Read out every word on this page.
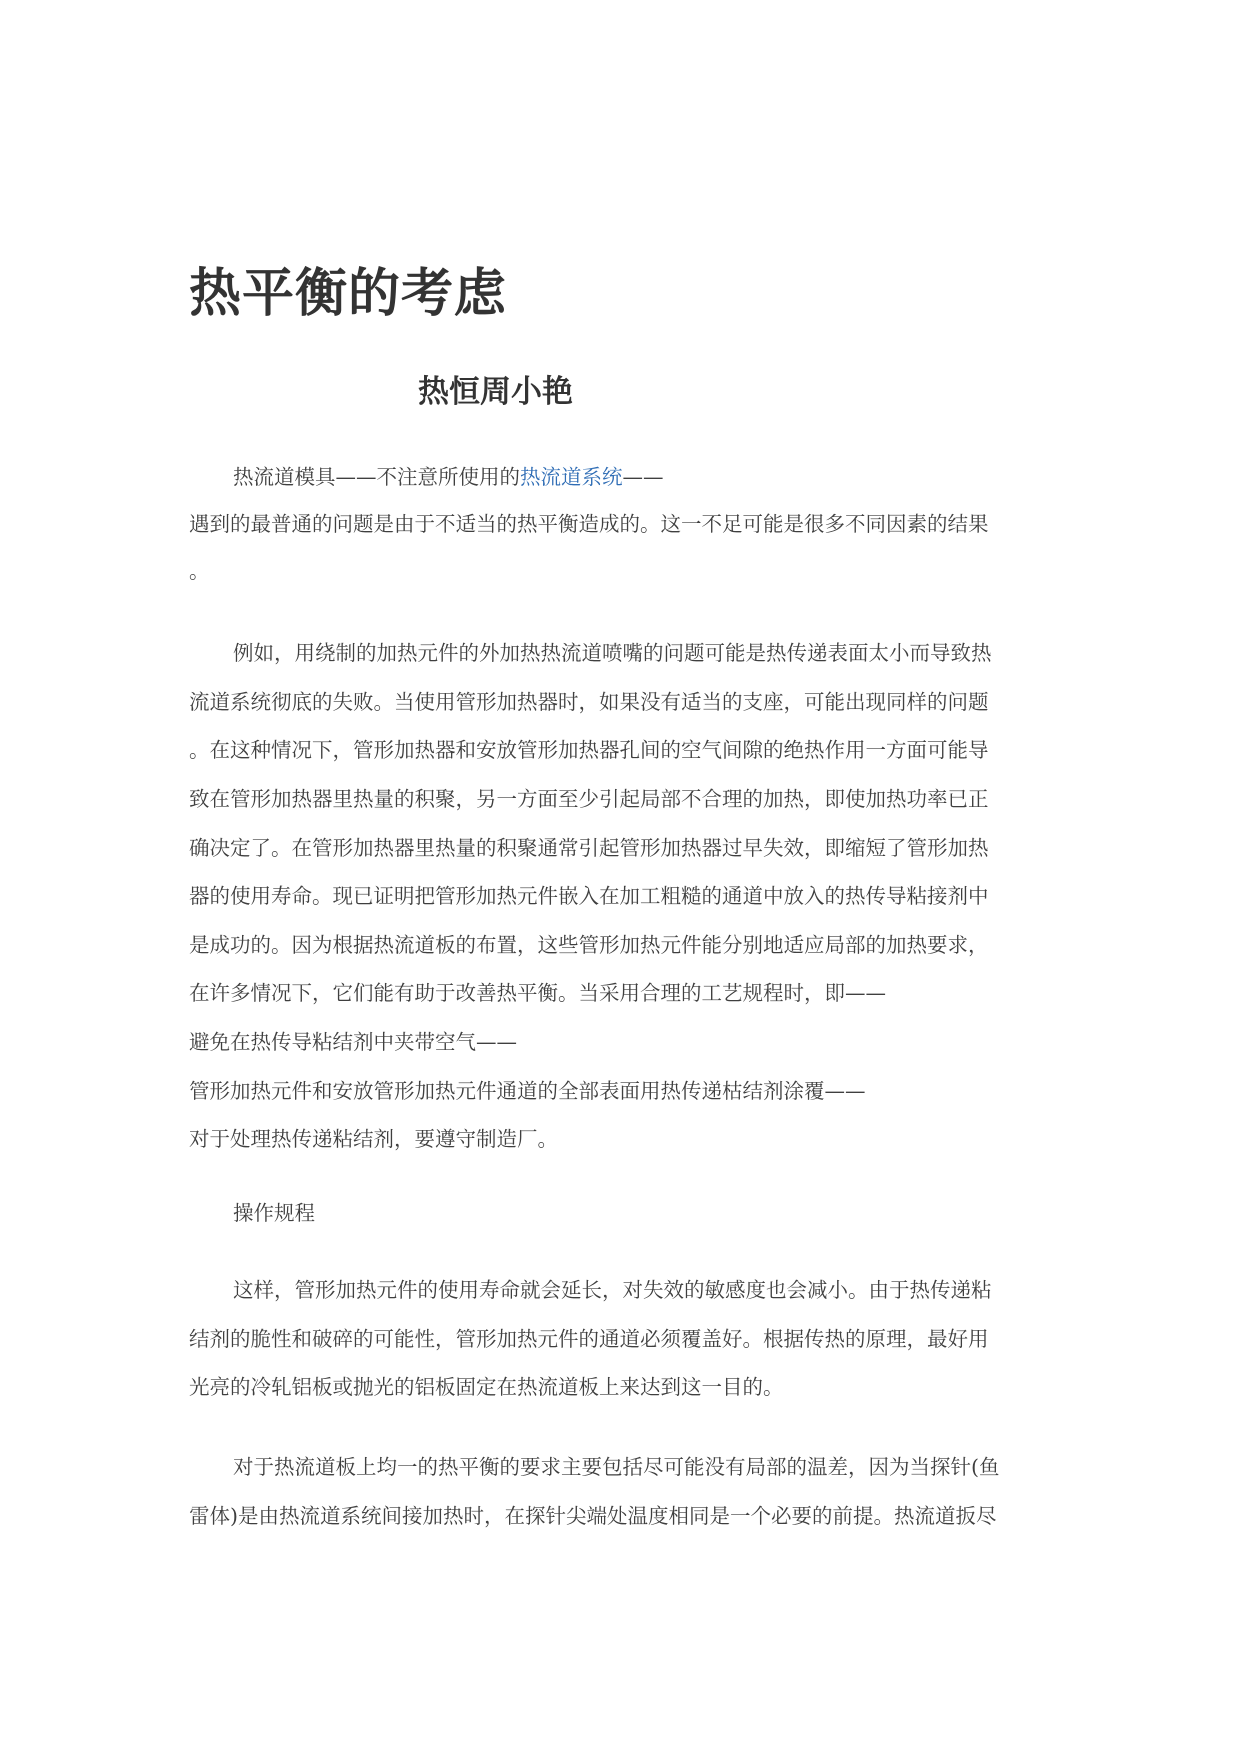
热平衡的考虑
热恒周小艳

热流道模具——不注意所使用的热流道系统——

遇到的最普通的问题是由于不适当的热平衡造成的。这一不足可能是很多不同因素的结果

。

例如，用绕制的加热元件的外加热热流道喷嘴的问题可能是热传递表面太小而导致热

流道系统彻底的失败。当使用管形加热器时，如果没有适当的支座，可能出现同样的问题

。在这种情况下，管形加热器和安放管形加热器孔间的空气间隙的绝热作用一方面可能导

致在管形加热器里热量的积聚，另一方面至少引起局部不合理的加热，即使加热功率已正

确决定了。在管形加热器里热量的积聚通常引起管形加热器过早失效，即缩短了管形加热

器的使用寿命。现已证明把管形加热元件嵌入在加工粗糙的通道中放入的热传导粘接剂中

是成功的。因为根据热流道板的布置，这些管形加热元件能分别地适应局部的加热要求，

在许多情况下，它们能有助于改善热平衡。当采用合理的工艺规程时，即——

避免在热传导粘结剂中夹带空气——

管形加热元件和安放管形加热元件通道的全部表面用热传递枯结剂涂覆——

对于处理热传递粘结剂，要遵守制造厂。

操作规程

这样，管形加热元件的使用寿命就会延长，对失效的敏感度也会减小。由于热传递粘

结剂的脆性和破碎的可能性，管形加热元件的通道必须覆盖好。根据传热的原理，最好用

光亮的冷轧铝板或抛光的铝板固定在热流道板上来达到这一目的。

对于热流道板上均一的热平衡的要求主要包括尽可能没有局部的温差，因为当探针(鱼

雷体)是由热流道系统间接加热时，在探针尖端处温度相同是一个必要的前提。热流道扳尽
